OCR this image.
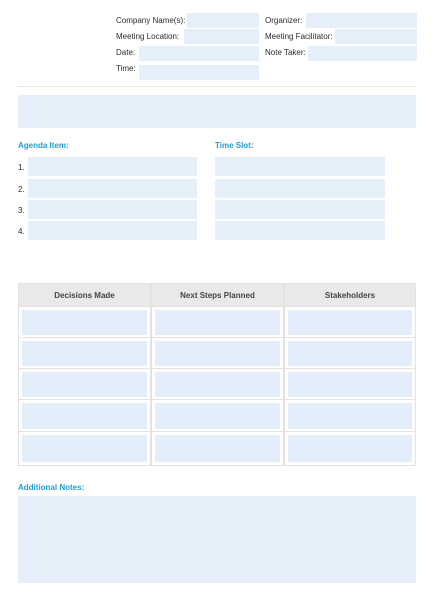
Company Name(s):
Meeting Location:
Date:
Time:
Organizer:
Meeting Facilitator:
Note Taker:
Agenda Item:	Time Slot:
1.
2.
3.
4.
Decisions Made	Next Steps Planned	Stakeholders
Additional Notes:
